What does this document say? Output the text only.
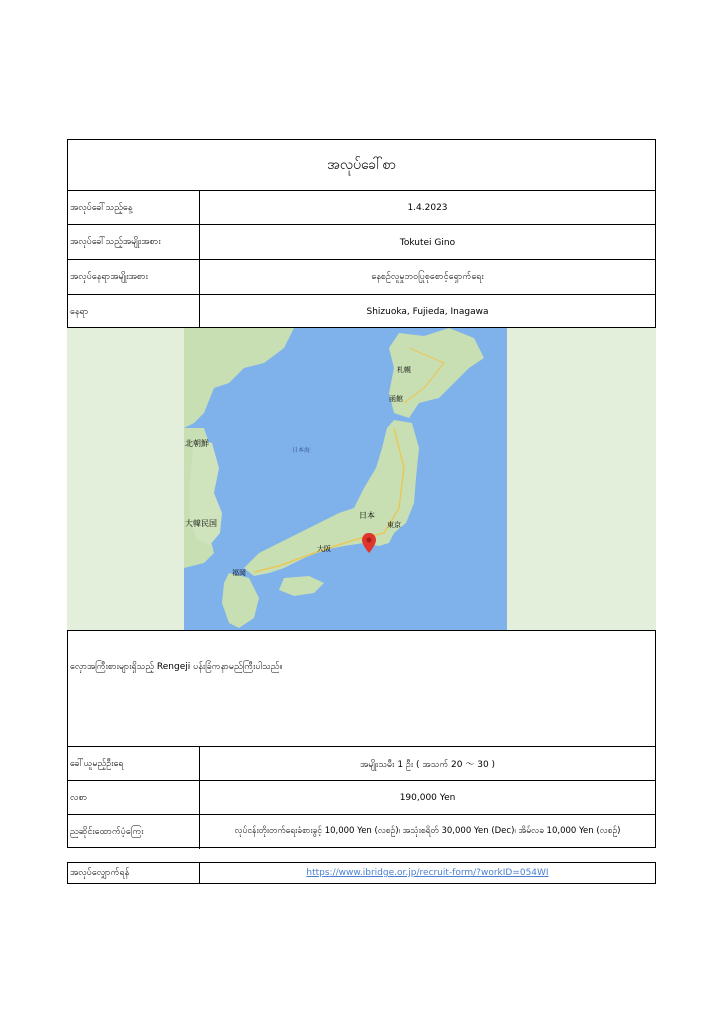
အလုပ်ခေါ်စာ
အလုပ်ခေါ်သည့်နေ့	1.4.2023
အလုပ်ခေါ်သည့်အမျိုးအစား	Tokutei Gino
အလုပ်နေရာအမျိုးအစား	နေစဉ်လူမှုဘဝပြုစုစောင့်ရှောက်ရေး
နေရာ	Shizuoka, Fujieda, Inagawa
札幌
函館
日本海
日本
東京
大阪
北朝鮮
大韓民国
福岡
လှောအကြီးစားများရှိသည့် Rengeji ပန်းခြံကနာမည်ကြီးပါသည်။
ခေါ်ယူမည့်ဦးရေ	အမျိုးသမီး 1 ဦး ( အသက် 20 ～ 30 )
လစာ	190,000 Yen
ညဆိုင်းထောက်ပံ့ကြေး	လုပ်ငန်းတိုးတက်ရေးခံစားခွင့် 10,000 Yen (လစဉ်)၊ အသုံးစရိတ် 30,000 Yen (Dec)၊ အိမ်လခ 10,000 Yen (လစဉ်)
အလုပ်လျှောက်ရန်	https://www.ibridge.or.jp/recruit-form/?workID=054WI
